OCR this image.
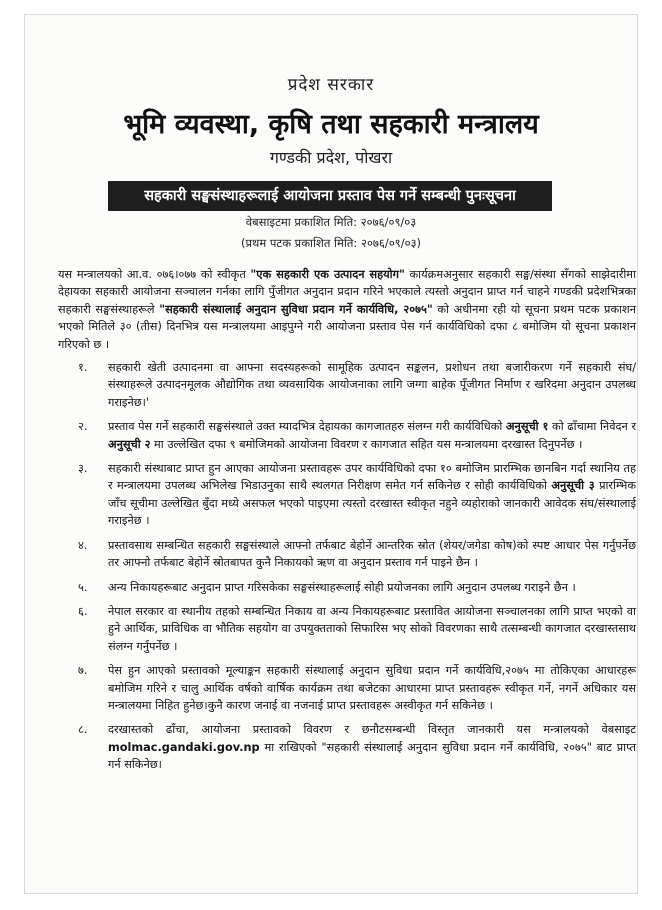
प्रदेश सरकार
भूमि व्यवस्था, कृषि तथा सहकारी मन्त्रालय
गण्डकी प्रदेश, पोखरा
सहकारी सङ्घसंस्थाहरूलाई आयोजना प्रस्ताव पेस गर्ने सम्बन्धी पुनःसूचना
वेबसाइटमा प्रकाशित मिति: २०७६/०९/०३
(प्रथम पटक प्रकाशित मिति: २०७६/०९/०३)

यस मन्त्रालयको आ.व. ०७६।०७७ को स्वीकृत "एक सहकारी एक उत्पादन सहयोग" कार्यक्रमअनुसार सहकारी सङ्घ/संस्था सँगको साझेदारीमा देहायका सहकारी आयोजना सञ्चालन गर्नका लागि पुँजीगत अनुदान प्रदान गरिने भएकाले त्यस्तो अनुदान प्राप्त गर्न चाहने गण्डकी प्रदेशभित्रका सहकारी सङ्घसंस्थाहरूले "सहकारी संस्थालाई अनुदान सुविधा प्रदान गर्ने कार्यविधि, २०७५" को अधीनमा रही यो सूचना प्रथम पटक प्रकाशन भएको मितिले ३० (तीस) दिनभित्र यस मन्त्रालयमा आइपुग्ने गरी आयोजना प्रस्ताव पेस गर्न कार्यविधिको दफा ८ बमोजिम यो सूचना प्रकाशन गरिएको छ ।

१.	सहकारी खेती उत्पादनमा वा आफ्ना सदस्यहरूको सामूहिक उत्पादन सङ्कलन, प्रशोधन तथा बजारीकरण गर्ने सहकारी संघ/संस्थाहरूले उत्पादनमूलक औद्योगिक तथा व्यवसायिक आयोजनाका लागि जग्गा बाहेक पूँजीगत निर्माण र खरिदमा अनुदान उपलब्ध गराइनेछ।'
२.	प्रस्ताव पेस गर्ने सहकारी सङ्घसंस्थाले उक्त म्यादभित्र देहायका कागजातहरु संलग्न गरी कार्यविधिको अनुसूची १ को ढाँचामा निवेदन र अनुसूची २ मा उल्लेखित दफा ९ बमोजिमको आयोजना विवरण र कागजात सहित यस मन्त्रालयमा दरखास्त दिनुपर्नेछ ।
३.	सहकारी संस्थाबाट प्राप्त हुन आएका आयोजना प्रस्तावहरू उपर कार्यविधिको दफा १० बमोजिम प्रारम्भिक छानबिन गर्दा स्थानिय तह र मन्त्रालयमा उपलब्ध अभिलेख भिडाउनुका साथै स्थलगत निरीक्षण समेत गर्न सकिनेछ र सोही कार्यविधिको अनुसूची ३ प्रारम्भिक जाँच सूचीमा उल्लेखित बुँदा मध्ये असफल भएको पाइएमा त्यस्तो दरखास्त स्वीकृत नहुने व्यहोराको जानकारी आवेदक संघ/संस्थालाई गराइनेछ ।
४.	प्रस्तावसाथ सम्बन्धित सहकारी सङ्घसंस्थाले आफ्नो तर्फबाट बेहोर्ने आन्तरिक स्रोत (शेयर/जगेडा कोष)को स्पष्ट आधार पेस गर्नुपर्नेछ तर आफ्नो तर्फबाट बेहोर्ने स्रोतबापत कुनै निकायको ऋण वा अनुदान प्रस्ताव गर्न पाइने छैन ।
५.	अन्य निकायहरूबाट अनुदान प्राप्त गरिसकेका सङ्घसंस्थाहरूलाई सोही प्रयोजनका लागि अनुदान उपलब्ध गराइने छैन ।
६.	नेपाल सरकार वा स्थानीय तहको सम्बन्धित निकाय वा अन्य निकायहरूबाट प्रस्तावित आयोजना सञ्चालनका लागि प्राप्त भएको वा हुने आर्थिक, प्राविधिक वा भौतिक सहयोग वा उपयुक्तताको सिफारिस भए सोको विवरणका साथै तत्सम्बन्धी कागजात दरखास्तसाथ संलग्न गर्नुपर्नेछ ।
७.	पेस हुन आएको प्रस्तावको मूल्याङ्कन सहकारी संस्थालाई अनुदान सुविधा प्रदान गर्ने कार्यविधि,२०७५ मा तोकिएका आधारहरू बमोजिम गरिने र चालु आर्थिक वर्षको वार्षिक कार्यक्रम तथा बजेटका आधारमा प्राप्त प्रस्तावहरू स्वीकृत गर्ने, नगर्ने अधिकार यस मन्त्रालयमा निहित हुनेछ।कुनै कारण जनाई वा नजनाई प्राप्त प्रस्तावहरू अस्वीकृत गर्न सकिनेछ ।
८.	दरखास्तको ढाँचा, आयोजना प्रस्तावको विवरण र छनौटसम्बन्धी विस्तृत जानकारी यस मन्त्रालयको वेबसाइट molmac.gandaki.gov.np मा राखिएको "सहकारी संस्थालाई अनुदान सुविधा प्रदान गर्ने कार्यविधि, २०७५" बाट प्राप्त गर्न सकिनेछ।
